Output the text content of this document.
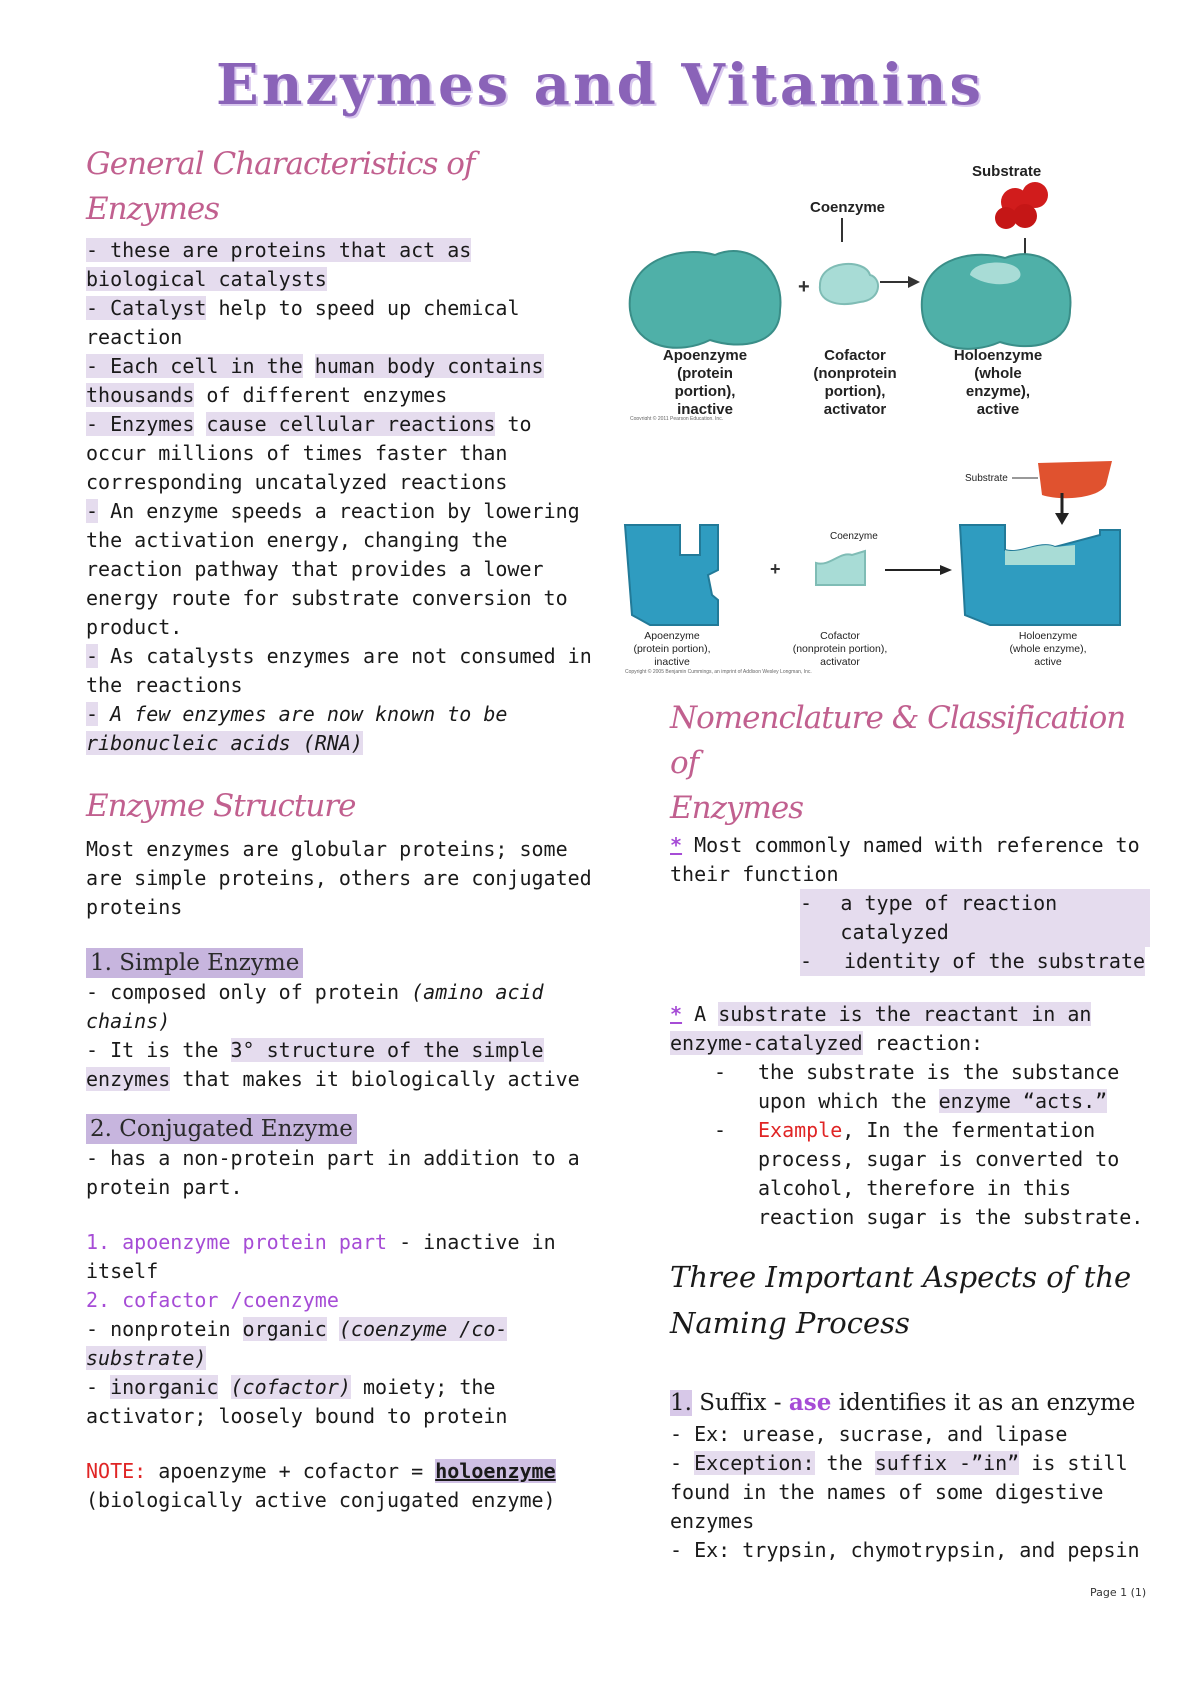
Enzymes and Vitamins
General Characteristics of Enzymes

- these are proteins that act as
biological catalysts
- Catalyst help to speed up chemical reaction
- Each cell in the human body contains thousands of different enzymes
- Enzymes cause cellular reactions to occur millions of times faster than corresponding uncatalyzed reactions
- An enzyme speeds a reaction by lowering the activation energy, changing the reaction pathway that provides a lower energy route for substrate conversion to product.
- As catalysts enzymes are not consumed in the reactions
- A few enzymes are now known to be ribonucleic acids (RNA)

Enzyme Structure

Most enzymes are globular proteins; some are simple proteins, others are conjugated proteins

1. Simple Enzyme

- composed only of protein (amino acid chains)
- It is the 3° structure of the simple enzymes that makes it biologically active

2. Conjugated Enzyme

- has a non-protein part in addition to a protein part.

1. apoenzyme protein part - inactive in itself
2. cofactor /coenzyme
- nonprotein organic (coenzyme /co-substrate)
- inorganic (cofactor) moiety; the activator; loosely bound to protein

NOTE: apoenzyme + cofactor = holoenzyme
(biologically active conjugated enzyme)

Substrate
Coenzyme
+
Apoenzyme
(protein
portion),
inactive
Cofactor
(nonprotein
portion),
activator
Holoenzyme
(whole
enzyme),
active
Copyright © 2011 Pearson Education, Inc.
Substrate
+
Coenzyme
Apoenzyme
(protein portion),
inactive
Cofactor
(nonprotein portion),
activator
Holoenzyme
(whole enzyme),
active
Copyright © 2005 Benjamin Cummings, an imprint of Addison Wesley Longman, Inc.
Nomenclature & Classification of
Enzymes

* Most commonly named with reference to their function

-	a type of reaction catalyzed
-	identity of the substrate

* A substrate is the reactant in an enzyme-catalyzed reaction:

-	the substrate is the substance upon which the enzyme “acts.”
-	Example, In the fermentation process, sugar is converted to alcohol, therefore in this reaction sugar is the substrate.

Three Important Aspects of the
Naming Process

1. Suffix - ase identifies it as an enzyme

- Ex: urease, sucrase, and lipase
- Exception: the suffix -”in” is still found in the names of some digestive enzymes
- Ex: trypsin, chymotrypsin, and pepsin

Page 1 (1)
